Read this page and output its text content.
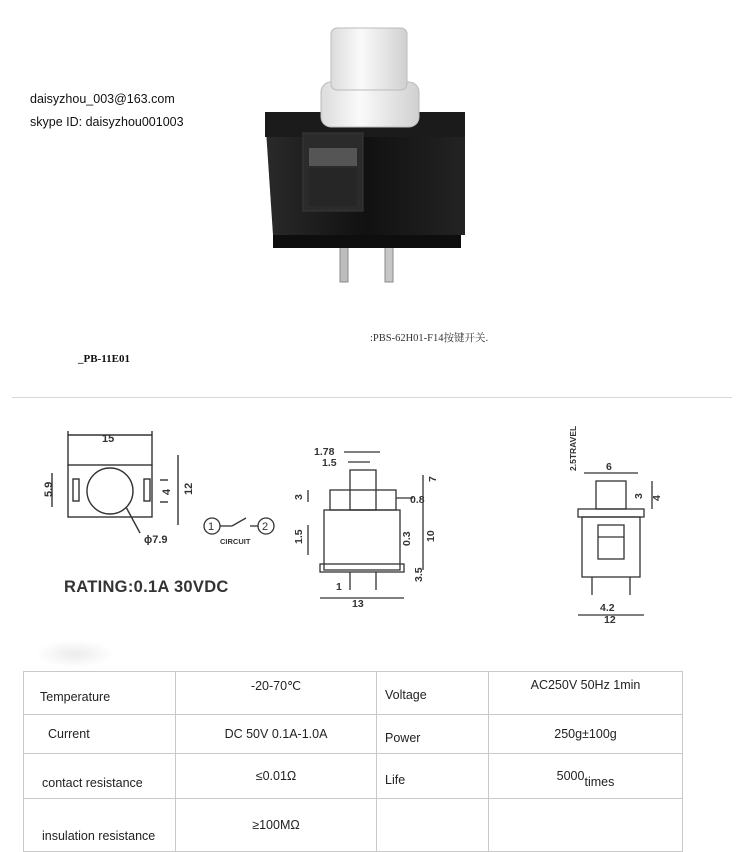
daisyzhou_003@163.com
skype ID: daisyzhou001003
:PBS-62H01-F14按键开关.
_PB-11E01
15
5.9	4 12
ϕ7.9
1	2
CIRCUIT
RATING:0.1A 30VDC
1.78
1.5
3	0.8
7
1.5	0.3 10
3.5
1
13
2.5TRAVEL	6
3 4
4.2
12
Temperature	-20-70℃	Voltage	AC250V 50Hz 1min
Current	DC 50V 0.1A-1.0A	Power	250g±100g
contact resistance	≤0.01Ω	Life	5000times
insulation resistance	≥100MΩ		
